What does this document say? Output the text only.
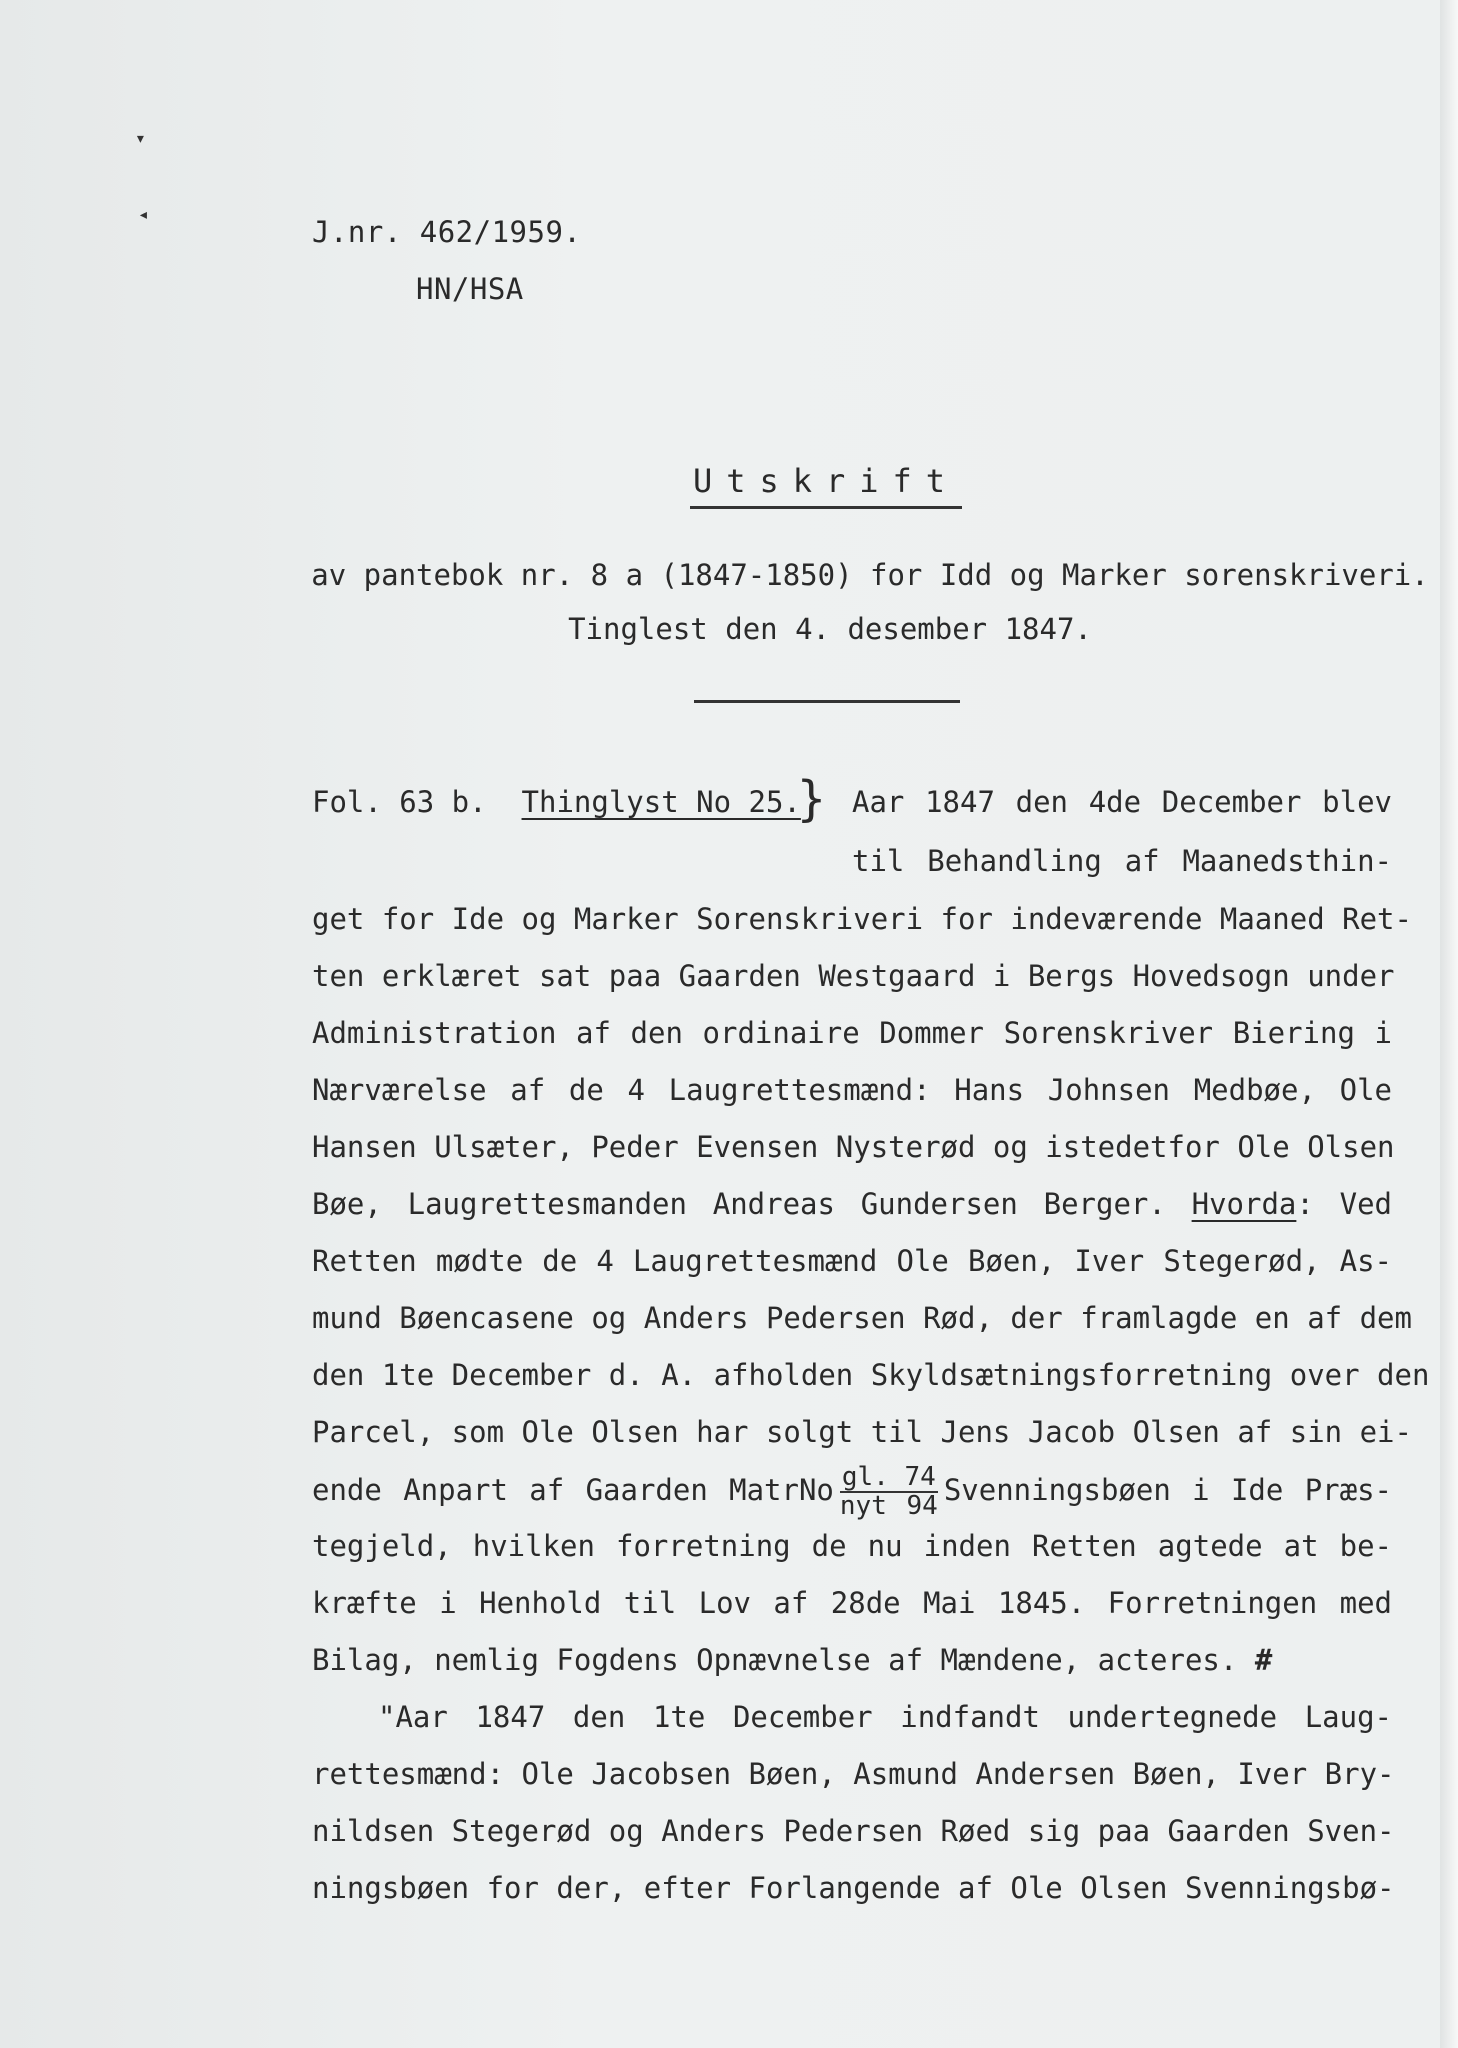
▾
◂
J.nr. 462/1959.
HN/HSA
Utskrift
av pantebok nr. 8 a (1847-1850) for Idd og Marker sorenskriveri.
Tinglest den 4. desember 1847.
Fol. 63 b. Thinglyst No 25.
} Aar 1847 den 4de December blev
til Behandling af Maanedsthin-
get for Ide og Marker Sorenskriveri for indeværende Maaned Ret-
ten erklæret sat paa Gaarden Westgaard i Bergs Hovedsogn under
Administration af den ordinaire Dommer Sorenskriver Biering i
Nærværelse af de 4 Laugrettesmænd: Hans Johnsen Medbøe, Ole
Hansen Ulsæter, Peder Evensen Nysterød og istedetfor Ole Olsen
Bøe, Laugrettesmanden Andreas Gundersen Berger. Hvorda: Ved
Retten mødte de 4 Laugrettesmænd Ole Bøen, Iver Stegerød, As-
mund Bøencasene og Anders Pedersen Rød, der framlagde en af dem
den 1te December d. A. afholden Skyldsætningsforretning over den
Parcel, som Ole Olsen har solgt til Jens Jacob Olsen af sin ei-
ende Anpart af Gaarden MatrNo $\frac{gl. 74}{\text{nyt 94}}$ Svenningsbøen i Ide Præs-
tegjeld, hvilken forretning de nu inden Retten agtede at be-
kræfte i Henhold til Lov af 28de Mai 1845. Forretningen med
Bilag, nemlig Fogdens Opnævnelse af Mændene, acteres. #
"Aar 1847 den 1te December indfandt undertegnede Laug-
rettesmænd: Ole Jacobsen Bøen, Asmund Andersen Bøen, Iver Bry-
nildsen Stegerød og Anders Pedersen Røed sig paa Gaarden Sven-
ningsbøen for der, efter Forlangende af Ole Olsen Svenningsbø-
